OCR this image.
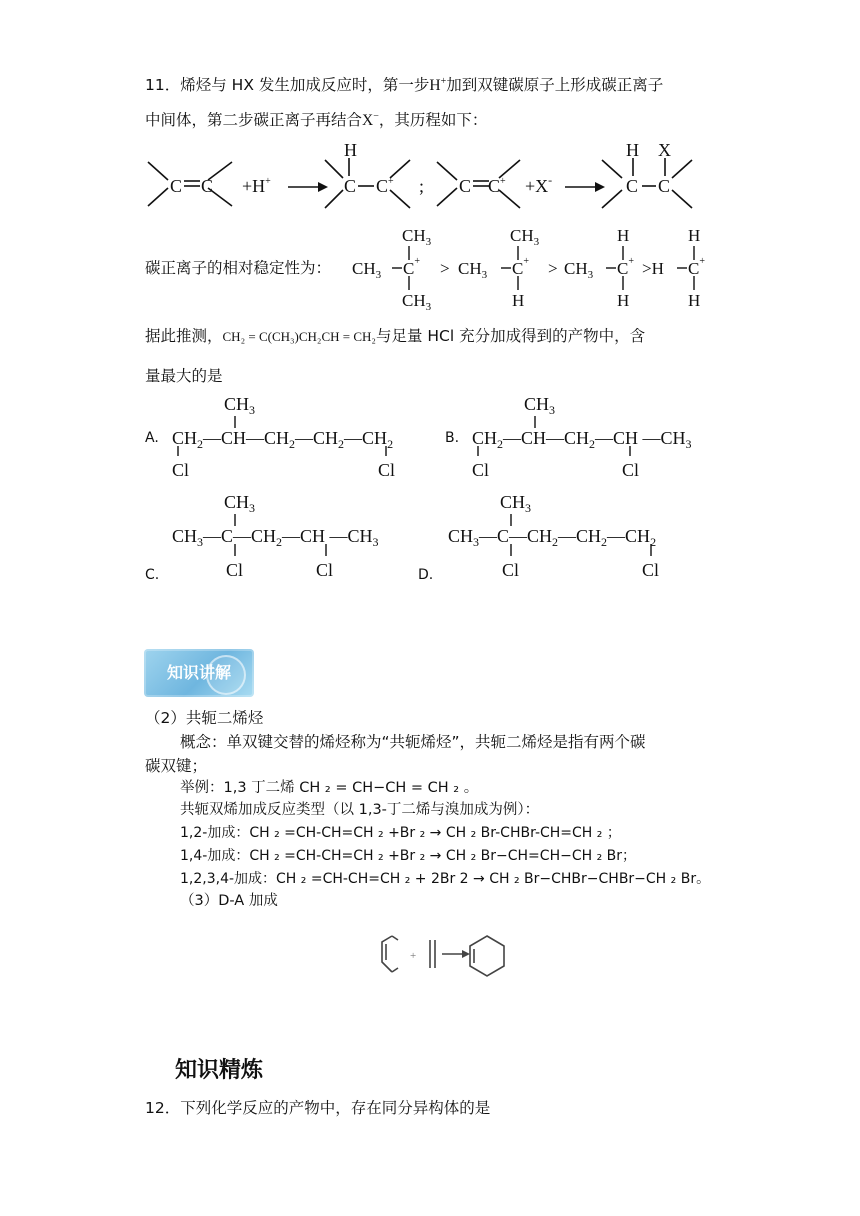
11．烯烃与 HX 发生加成反应时，第一步H+加到双键碳原子上形成碳正离子
中间体，第二步碳正离子再结合X−，其历程如下：
C C +H+
H
C C+ ; C C+ +X-
H X
C C
碳正离子的相对稳定性为：
$CH_3$
$CH_3$ C+
$CH_3$
>
$CH_3$
$CH_3$ C+
H
>
H
$CH_3$ C+
H
>H
H
C+
H
据此推测，CH₂ = C(CH₃)CH₂CH = CH₂与足量 HCl 充分加成得到的产物中，含
量最大的是
A.
$CH_3$
$CH_2—CH—CH_2—CH_2—CH_2$
Cl	Cl
B.
$CH_3$
$CH_2—CH—CH_2—CH$ $—CH_3$
Cl	Cl
C.
$CH_3$
$CH_3—C—CH_2—CH$ $—CH_3$
Cl	Cl	D.
$CH_3$
$CH_3—C—CH_2—CH_2—CH_2$
Cl	Cl
知识讲解
（2）共轭二烯烃
概念：单双键交替的烯烃称为“共轭烯烃”，共轭二烯烃是指有两个碳
碳双键；
举例：1,3 丁二烯 CH ₂ = CH−CH = CH ₂ 。
共轭双烯加成反应类型（以 1,3-丁二烯与溴加成为例）：
1,2-加成：CH ₂ =CH-CH=CH ₂ +Br ₂ → CH ₂ Br-CHBr-CH=CH ₂ ；
1,4-加成：CH ₂ =CH-CH=CH ₂ +Br ₂ → CH ₂ Br−CH=CH−CH ₂ Br；
1,2,3,4-加成：CH ₂ =CH-CH=CH ₂ + 2Br 2 → CH ₂ Br−CHBr−CHBr−CH ₂ Br。
（3）D-A 加成
+
知识精炼
12．下列化学反应的产物中，存在同分异构体的是
